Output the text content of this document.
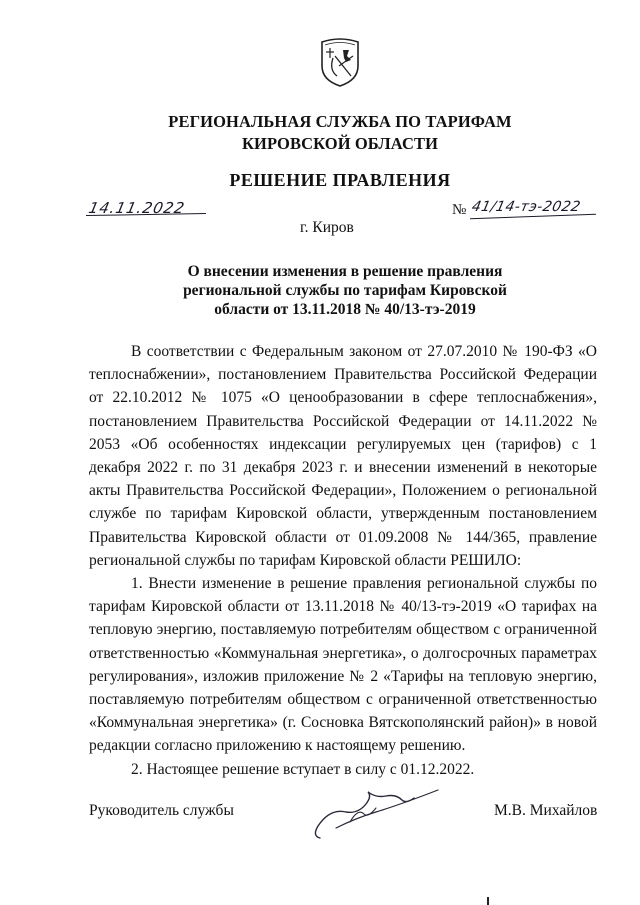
РЕГИОНАЛЬНАЯ СЛУЖБА ПО ТАРИФАМ
КИРОВСКОЙ ОБЛАСТИ
РЕШЕНИЕ ПРАВЛЕНИЯ
14.11.2022	№ 41/14-тэ-2022
г. Киров
О внесении изменения в решение правления
региональной службы по тарифам Кировской
области от 13.11.2018 № 40/13-тэ-2019

В соответствии с Федеральным законом от 27.07.2010 № 190-ФЗ «О теплоснабжении», постановлением Правительства Российской Федерации от 22.10.2012 № 1075 «О ценообразовании в сфере теплоснабжения», постановлением Правительства Российской Федерации от 14.11.2022 № 2053 «Об особенностях индексации регулируемых цен (тарифов) с 1 декабря 2022 г. по 31 декабря 2023 г. и внесении изменений в некоторые акты Правительства Российской Федерации», Положением о региональной службе по тарифам Кировской области, утвержденным постановлением Правительства Кировской области от 01.09.2008 № 144/365, правление региональной службы по тарифам Кировской области РЕШИЛО:

1. Внести изменение в решение правления региональной службы по тарифам Кировской области от 13.11.2018 № 40/13-тэ-2019 «О тарифах на тепловую энергию, поставляемую потребителям обществом с ограниченной ответственностью «Коммунальная энергетика», о долгосрочных параметрах регулирования», изложив приложение № 2 «Тарифы на тепловую энергию, поставляемую потребителям обществом с ограниченной ответственностью «Коммунальная энергетика» (г. Сосновка Вятскополянский район)» в новой редакции согласно приложению к настоящему решению.

2. Настоящее решение вступает в силу с 01.12.2022.

Руководитель службы	М.В. Михайлов
